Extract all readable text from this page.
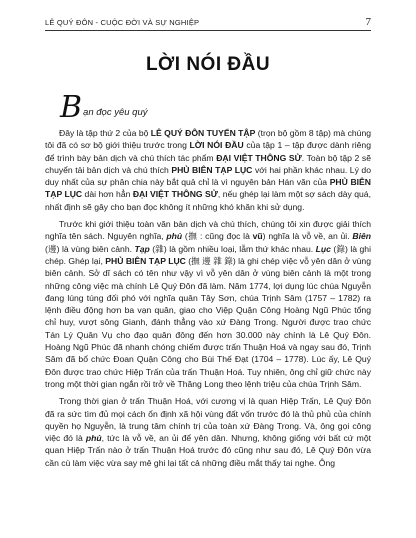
LÊ QUÝ ĐÔN - CUỘC ĐỜI VÀ SỰ NGHIỆP	7
LỜI NÓI ĐẦU
B ạn đọc yêu quý

Đây là tập thứ 2 của bộ LÊ QUÝ ĐÔN TUYỂN TẬP (trọn bộ gồm 8 tập) mà chúng tôi đã có sơ bộ giới thiệu trước trong LỜI NÓI ĐẦU của tập 1 – tập được dành riêng để trình bày bản dịch và chú thích tác phẩm ĐẠI VIỆT THÔNG SỬ. Toàn bộ tập 2 sẽ chuyển tải bản dịch và chú thích PHỦ BIÊN TẠP LỤC với hai phần khác nhau. Lý do duy nhất của sự phân chia này bắt quả chỉ là vì nguyên bản Hán văn của PHỦ BIÊN TẠP LỤC dài hơn hẳn ĐẠI VIỆT THÔNG SỬ, nếu ghép lại làm một sợ sách dày quá, nhất định sẽ gây cho bạn đọc không ít những khó khăn khi sử dụng.

Trước khi giới thiệu toàn văn bản dịch và chú thích, chúng tôi xin được giải thích nghĩa tên sách. Nguyên nghĩa, phủ (撫 : cũng đọc là vũ) nghĩa là vỗ về, an ủi. Biên (邊) là vùng biên cảnh. Tạp (雜) là gồm nhiều loại, lẫm thứ khác nhau. Lục (錄) là ghi chép. Ghép lại, PHỦ BIÊN TẠP LỤC (撫 邊 雜 錄) là ghi chép việc vỗ yên dân ở vùng biên cảnh. Sở dĩ sách có tên như vậy vì vỗ yên dân ở vùng biên cảnh là một trong những công việc mà chính Lê Quý Đôn đã làm. Năm 1774, lợi dụng lúc chúa Nguyễn đang lúng túng đối phó với nghĩa quân Tây Sơn, chúa Trịnh Sâm (1757 – 1782) ra lệnh điều động hơn ba vạn quân, giao cho Việp Quận Công Hoàng Ngũ Phúc tổng chỉ huy, vượt sông Gianh, đánh thẳng vào xứ Đàng Trong. Người được trao chức Tán Lý Quân Vụ cho đạo quân đông đến hơn 30.000 này chính là Lê Quý Đôn. Hoàng Ngũ Phúc đã nhanh chóng chiếm được trấn Thuận Hoá và ngay sau đó, Trịnh Sâm đã bổ chức Đoan Quận Công cho Bùi Thế Đạt (1704 – 1778). Lúc ấy, Lê Quý Đôn được trao chức Hiệp Trấn của trấn Thuận Hoá. Tuy nhiên, ông chỉ giữ chức này trong một thời gian ngắn rồi trở về Thăng Long theo lệnh triệu của chúa Trịnh Sâm.

Trong thời gian ở trấn Thuận Hoá, với cương vị là quan Hiệp Trấn, Lê Quý Đôn đã ra sức tìm đủ mọi cách ổn định xã hội vùng đất vốn trước đó là thủ phủ của chính quyền họ Nguyễn, là trung tâm chính trị của toàn xứ Đàng Trong. Và, ông gọi công việc đó là phủ, tức là vỗ về, an ủi để yên dân. Nhưng, không giống với bất cứ một quan Hiệp Trấn nào ở trấn Thuận Hoá trước đó cũng như sau đó, Lê Quý Đôn vừa cần cù làm việc vừa say mê ghi lại tất cả những điều mắt thấy tai nghe. Ông
